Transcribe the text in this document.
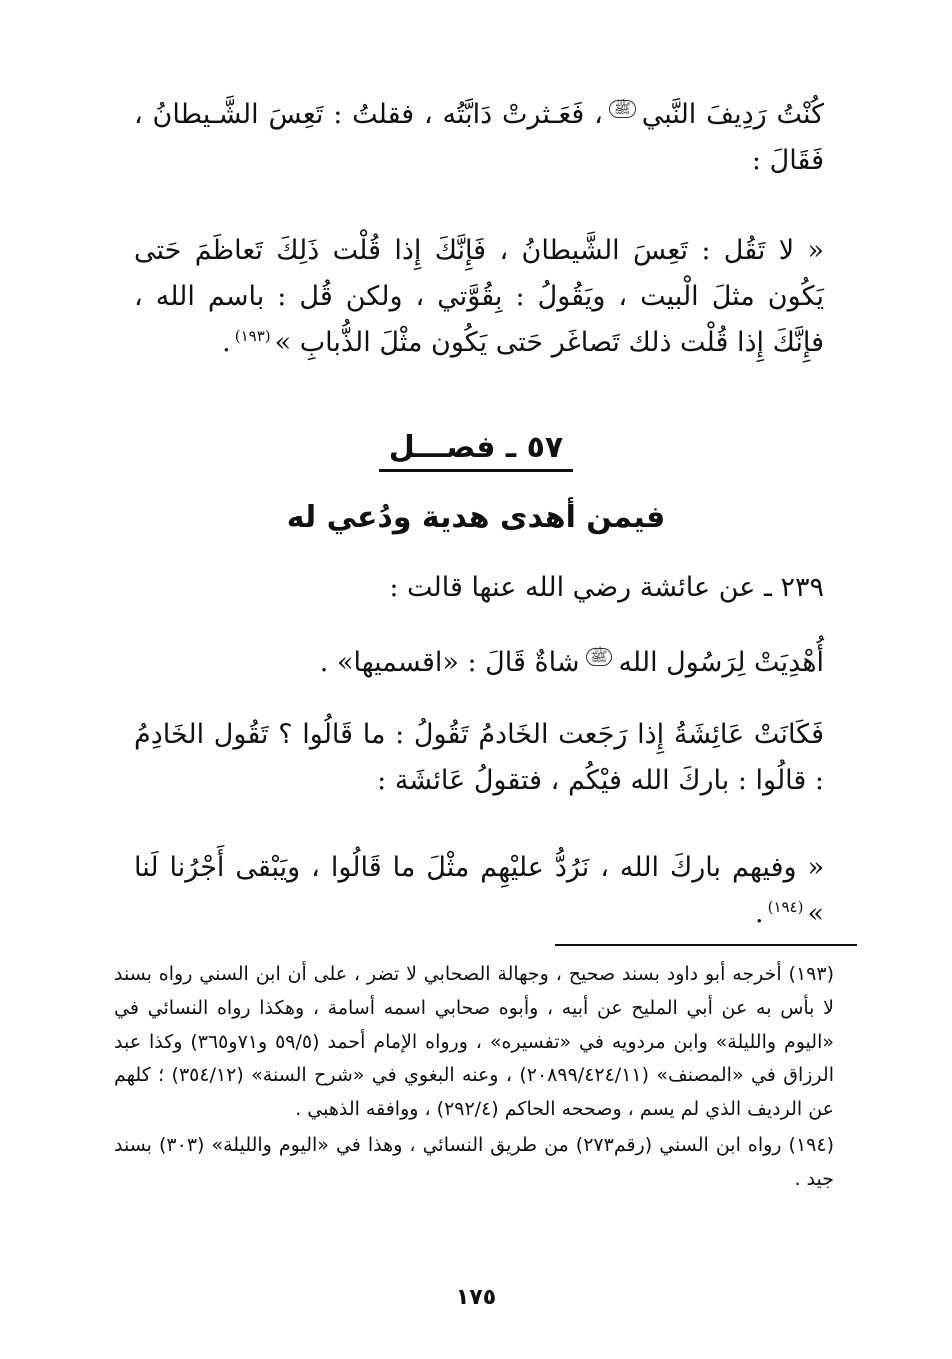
كُنْتُ رَدِيفَ النَّبي$^ﷺ$، فَعَـثرتْ دَابَّتُه ، فقلتُ : تَعِسَ الشَّـيطانُ ، فَقَالَ :
« لا تَقُل : تَعِسَ الشَّيطانُ ، فَإِنَّكَ إِذا قُلْت ذَلِكَ تَعاظَمَ حَتى يَكُون مثلَ الْبيت ، ويَقُولُ : بِقُوَّتي ، ولكن قُل : باسم الله ، فإِنَّكَ إِذا قُلْت ذلك تَصاغَر حَتى يَكُون مثْلَ الذُّبابِ »$^{(١٩٣)}$.
٥٧ ـ فصـــل
فيمن أهدى هدية ودُعي له
٢٣٩ ـ عن عائشة رضي الله عنها قالت :
أُهْدِيَتْ لِرَسُول الله$^ﷺ$شاةٌ قَالَ : «اقسميها» .
فَكَانَتْ عَائِشَةُ إِذا رَجَعت الخَادمُ تَقُولُ : ما قَالُوا ؟ تَقُول الخَادِمُ : قالُوا : باركَ الله فيْكُم ، فتقولُ عَائشَة :
« وفيهم باركَ الله ، نَرُدُّ عليْهِم مثْلَ ما قَالُوا ، ويَبْقى أَجْرُنا لَنا »$^{(١٩٤)}$.

(١٩٣) أخرجه أبو داود بسند صحيح ، وجهالة الصحابي لا تضر ، على أن ابن السني رواه بسند لا بأس به عن أبي المليح عن أبيه ، وأبوه صحابي اسمه أسامة ، وهكذا رواه النسائي في «اليوم والليلة» وابن مردويه في «تفسيره» ، ورواه الإمام أحمد (٥٩/٥ و٧١و٣٦٥) وكذا عبد الرزاق في «المصنف» (٢٠٨٩٩/٤٢٤/١١) ، وعنه البغوي في «شرح السنة» (٣٥٤/١٢) ؛ كلهم عن الرديف الذي لم يسم ، وصححه الحاكم (٢٩٢/٤) ، ووافقه الذهبي .

(١٩٤) رواه ابن السني (رقم٢٧٣) من طريق النسائي ، وهذا في «اليوم والليلة» (٣٠٣) بسند جيد .

١٧٥
